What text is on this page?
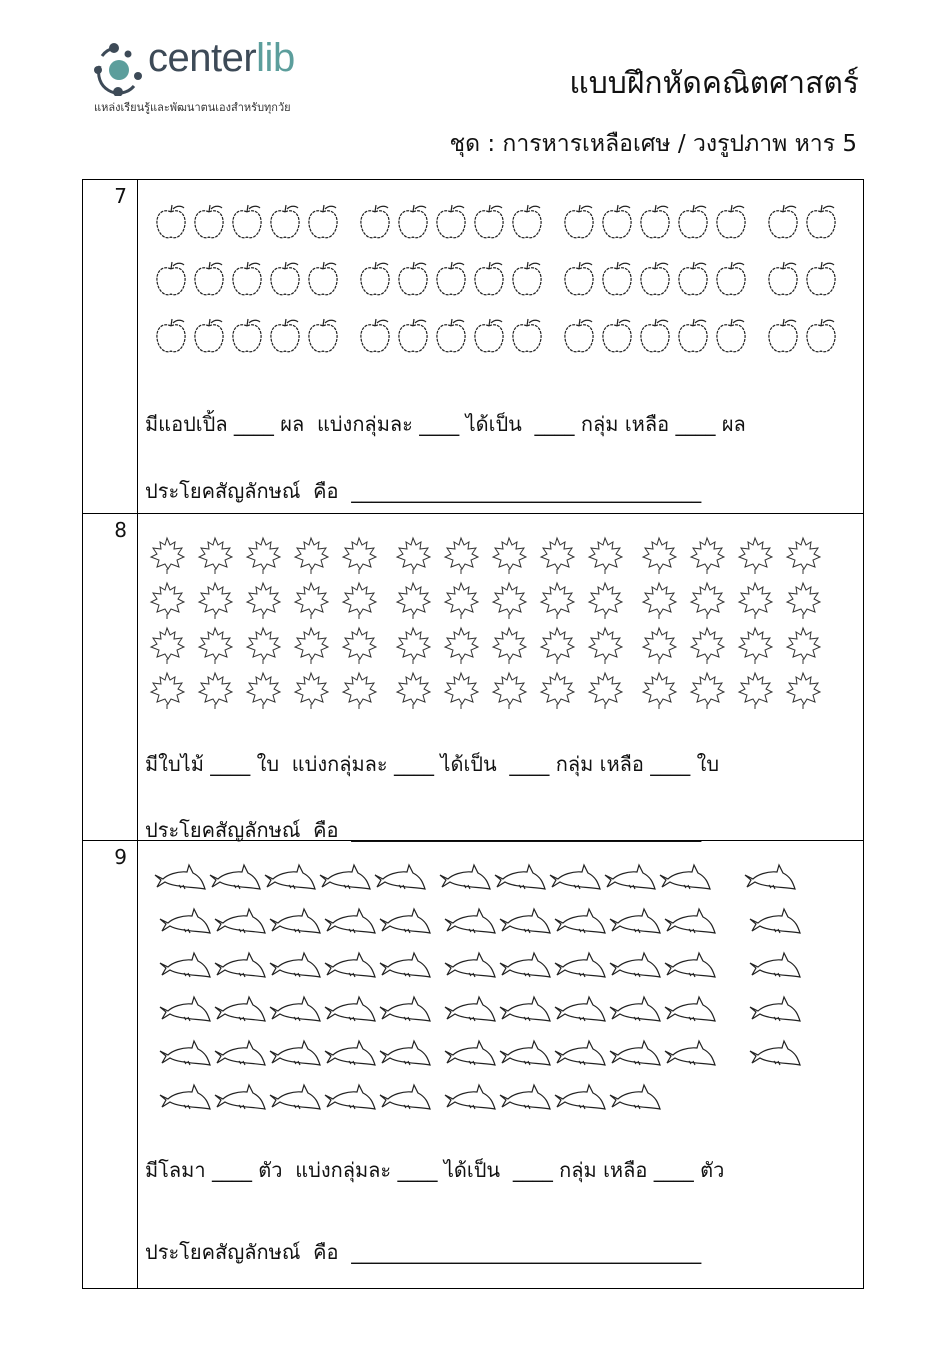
centerlib
แหล่งเรียนรู้และพัฒนาตนเองสำหรับทุกวัย
แบบฝึกหัดคณิตศาสตร์
ชุด : การหารเหลือเศษ / วงรูปภาพ หาร 5
7
มีแอปเปิ้ล ____ ผล  แบ่งกลุ่มละ ____ ได้เป็น  ____ กลุ่ม เหลือ ____ ผล
ประโยคสัญลักษณ์  คือ  ___________________________________
8
มีใบไม้ ____ ใบ  แบ่งกลุ่มละ ____ ได้เป็น  ____ กลุ่ม เหลือ ____ ใบ
ประโยคสัญลักษณ์  คือ  ___________________________________
9
มีโลมา ____ ตัว  แบ่งกลุ่มละ ____ ได้เป็น  ____ กลุ่ม เหลือ ____ ตัว
ประโยคสัญลักษณ์  คือ  ___________________________________
